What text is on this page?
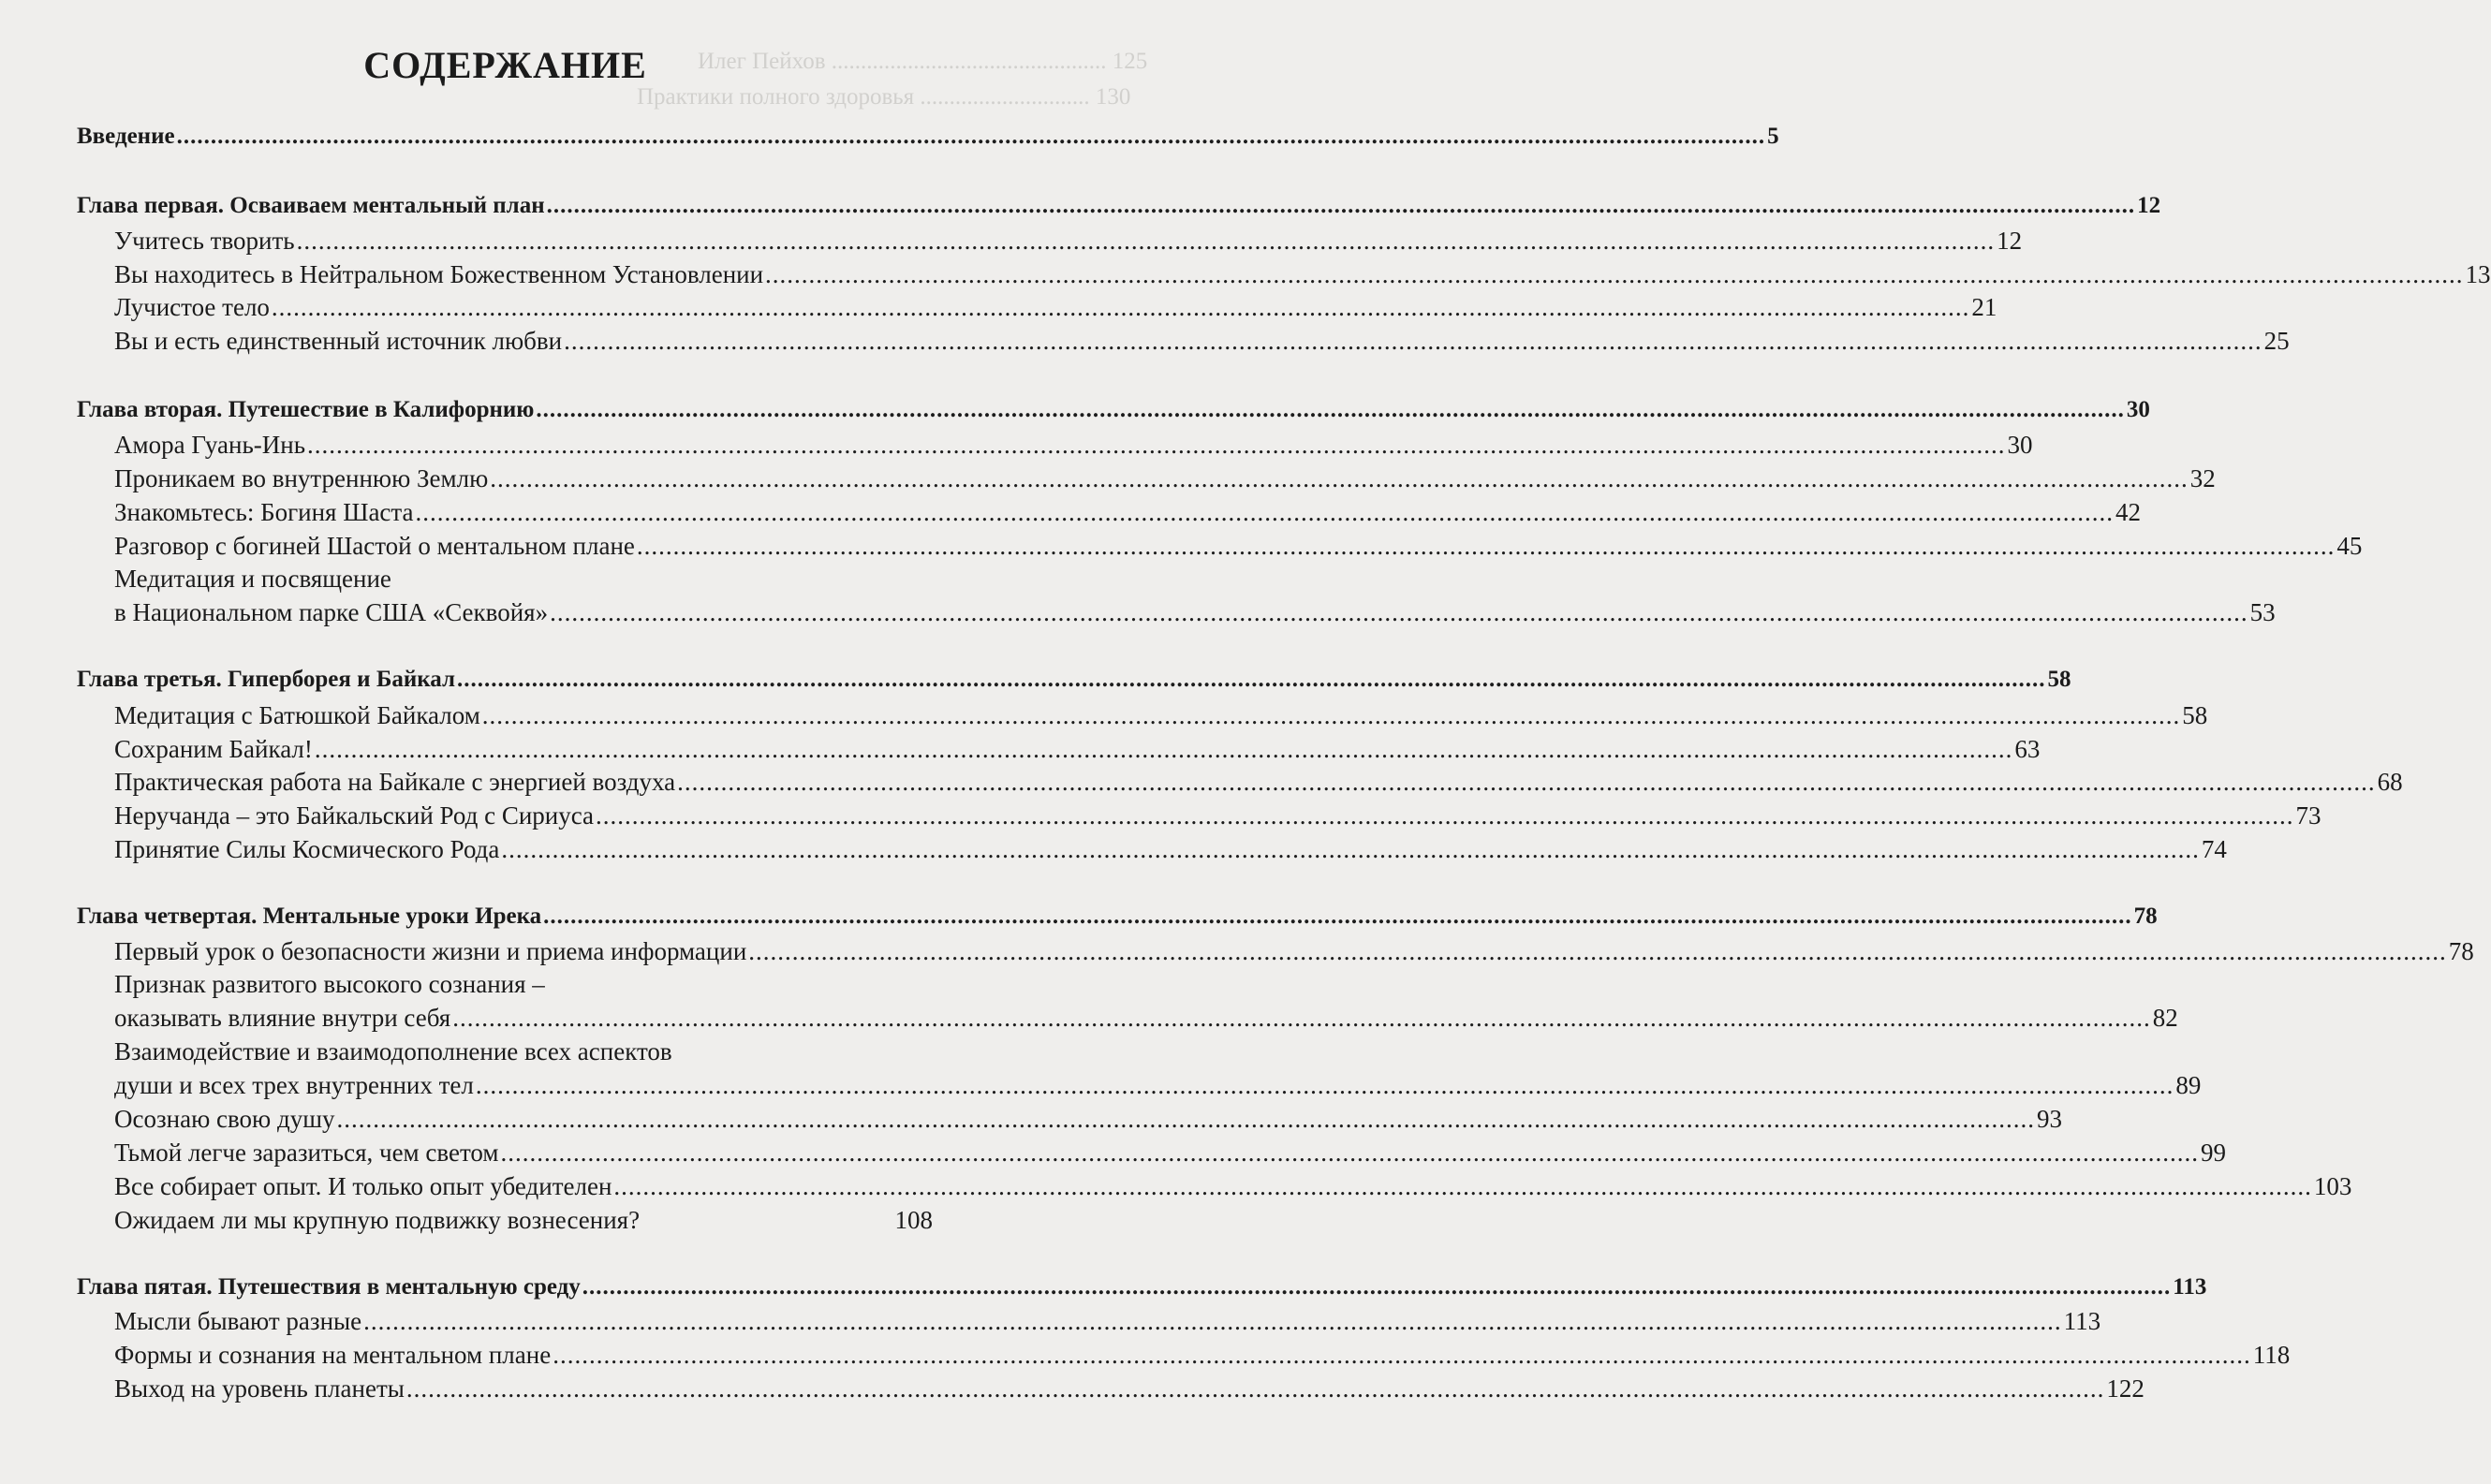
Илег Пейхов ............................................... 125
Практики полного здоровья ............................. 130
СОДЕРЖАНИЕ
Введение .....	5
Глава первая. Осваиваем ментальный план .....	12
Учитесь творить .....	12
Вы находитесь в Нейтральном Божественном Установлении .....	13
Лучистое тело .....	21
Вы и есть единственный источник любви .....	25
Глава вторая. Путешествие в Калифорнию .....	30
Амора Гуань-Инь .....	30
Проникаем во внутреннюю Землю .....	32
Знакомьтесь: Богиня Шаста .....	42
Разговор с богиней Шастой о ментальном плане .....	45
Медитация и посвящение
в Национальном парке США «Секвойя» .....	53
Глава третья. Гиперборея и Байкал .....	58
Медитация с Батюшкой Байкалом .....	58
Сохраним Байкал! .....	63
Практическая работа на Байкале с энергией воздуха .....	68
Неручанда – это Байкальский Род с Сириуса .....	73
Принятие Силы Космического Рода .....	74
Глава четвертая. Ментальные уроки Ирека .....	78
Первый урок о безопасности жизни и приема информации .....	78
Признак развитого высокого сознания –
оказывать влияние внутри себя .....	82
Взаимодействие и взаимодополнение всех аспектов
души и всех трех внутренних тел .....	89
Осознаю свою душу .....	93
Тьмой легче заразиться, чем светом .....	99
Все собирает опыт. И только опыт убедителен .....	103
Ожидаем ли мы крупную подвижку вознесения?	108
Глава пятая. Путешествия в ментальную среду .....	113
Мысли бывают разные .....	113
Формы и сознания на ментальном плане .....	118
Выход на уровень планеты .....	122
